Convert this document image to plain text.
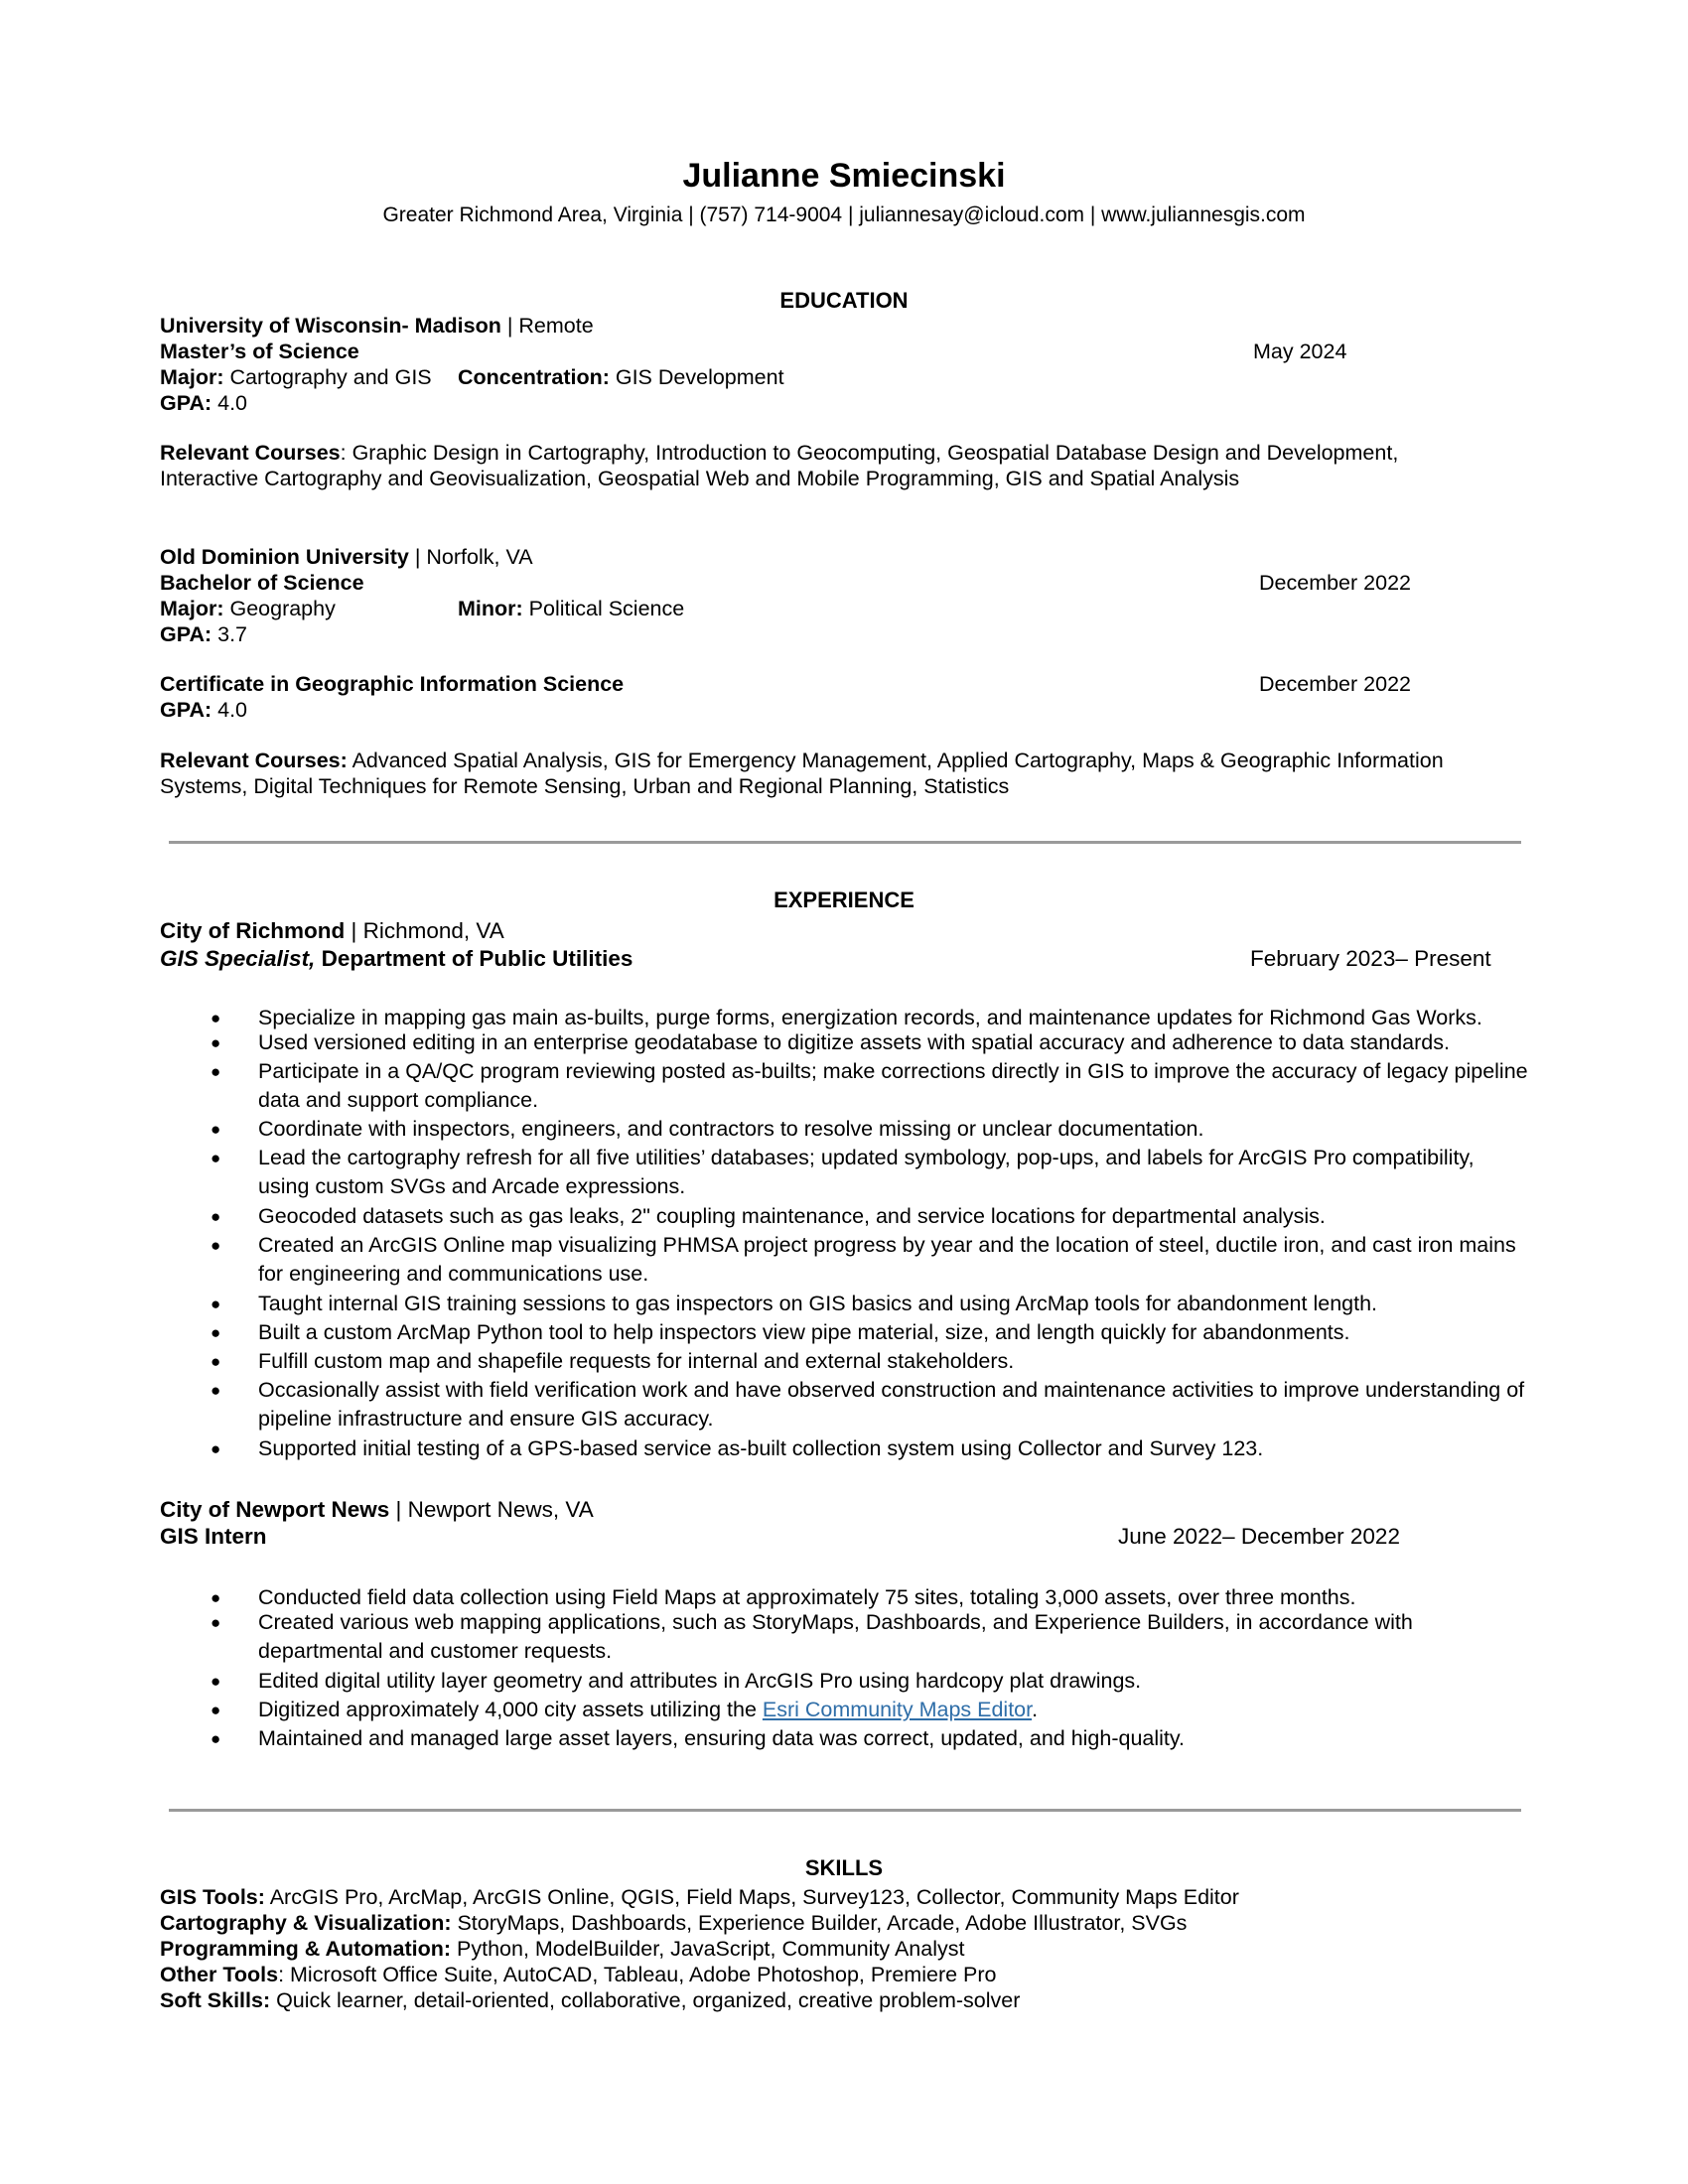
Julianne Smiecinski
Greater Richmond Area, Virginia | (757) 714-9004 | juliannesay@icloud.com | www.juliannesgis.com
EDUCATION
University of Wisconsin- Madison | Remote
Master’s of Science	May 2024
Major: Cartography and GIS Concentration: GIS Development
GPA: 4.0
Relevant Courses: Graphic Design in Cartography, Introduction to Geocomputing, Geospatial Database Design and Development,
Interactive Cartography and Geovisualization, Geospatial Web and Mobile Programming, GIS and Spatial Analysis
Old Dominion University | Norfolk, VA
Bachelor of Science	December 2022
Major: Geography	Minor: Political Science
GPA: 3.7
Certificate in Geographic Information Science	December 2022
GPA: 4.0
Relevant Courses: Advanced Spatial Analysis, GIS for Emergency Management, Applied Cartography, Maps & Geographic Information
Systems, Digital Techniques for Remote Sensing, Urban and Regional Planning, Statistics
EXPERIENCE
City of Richmond | Richmond, VA
GIS Specialist, Department of Public Utilities	February 2023– Present
● Specialize in mapping gas main as-builts, purge forms, energization records, and maintenance updates for Richmond Gas Works.
● Used versioned editing in an enterprise geodatabase to digitize assets with spatial accuracy and adherence to data standards.
● Participate in a QA/QC program reviewing posted as-builts; make corrections directly in GIS to improve the accuracy of legacy pipeline data and support compliance.
● Coordinate with inspectors, engineers, and contractors to resolve missing or unclear documentation.
● Lead the cartography refresh for all five utilities’ databases; updated symbology, pop-ups, and labels for ArcGIS Pro compatibility, using custom SVGs and Arcade expressions.
● Geocoded datasets such as gas leaks, 2" coupling maintenance, and service locations for departmental analysis.
● Created an ArcGIS Online map visualizing PHMSA project progress by year and the location of steel, ductile iron, and cast iron mains for engineering and communications use.
● Taught internal GIS training sessions to gas inspectors on GIS basics and using ArcMap tools for abandonment length.
● Built a custom ArcMap Python tool to help inspectors view pipe material, size, and length quickly for abandonments.
● Fulfill custom map and shapefile requests for internal and external stakeholders.
● Occasionally assist with field verification work and have observed construction and maintenance activities to improve understanding of pipeline infrastructure and ensure GIS accuracy.
● Supported initial testing of a GPS-based service as-built collection system using Collector and Survey 123.
City of Newport News | Newport News, VA
GIS Intern	June 2022– December 2022
● Conducted field data collection using Field Maps at approximately 75 sites, totaling 3,000 assets, over three months.
● Created various web mapping applications, such as StoryMaps, Dashboards, and Experience Builders, in accordance with departmental and customer requests.
● Edited digital utility layer geometry and attributes in ArcGIS Pro using hardcopy plat drawings.
● Digitized approximately 4,000 city assets utilizing the Esri Community Maps Editor.
● Maintained and managed large asset layers, ensuring data was correct, updated, and high-quality.
SKILLS
GIS Tools: ArcGIS Pro, ArcMap, ArcGIS Online, QGIS, Field Maps, Survey123, Collector, Community Maps Editor
Cartography & Visualization: StoryMaps, Dashboards, Experience Builder, Arcade, Adobe Illustrator, SVGs
Programming & Automation: Python, ModelBuilder, JavaScript, Community Analyst
Other Tools: Microsoft Office Suite, AutoCAD, Tableau, Adobe Photoshop, Premiere Pro
Soft Skills: Quick learner, detail-oriented, collaborative, organized, creative problem-solver
